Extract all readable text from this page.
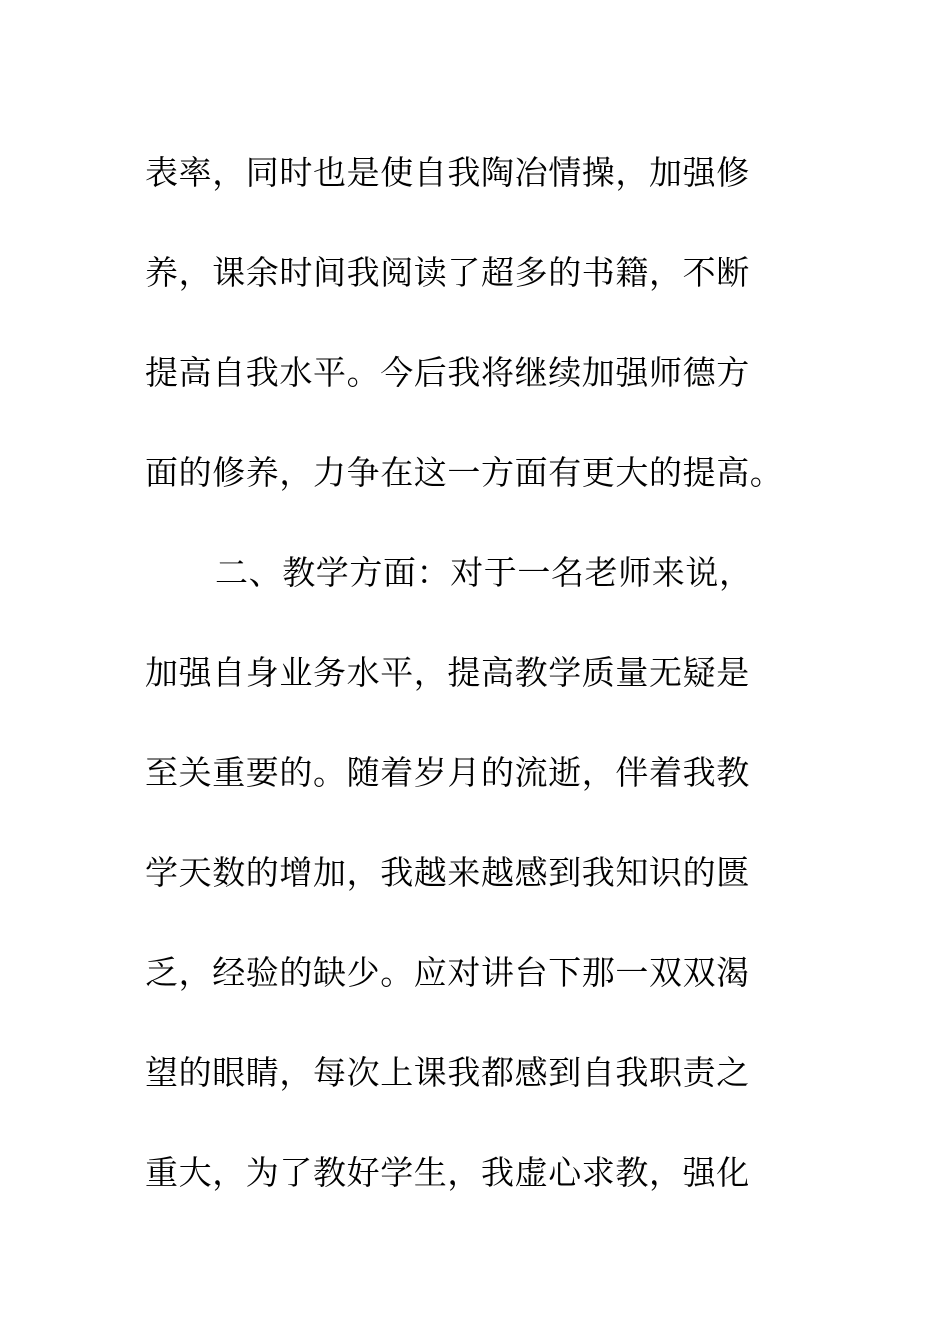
表率，同时也是使自我陶冶情操，加强修
养，课余时间我阅读了超多的书籍，不断
提高自我水平。今后我将继续加强师德方
面的修养，力争在这一方面有更大的提高。
二、教学方面：对于一名老师来说，
加强自身业务水平，提高教学质量无疑是
至关重要的。随着岁月的流逝，伴着我教
学天数的增加，我越来越感到我知识的匮
乏，经验的缺少。应对讲台下那一双双渴
望的眼睛，每次上课我都感到自我职责之
重大，为了教好学生，我虚心求教，强化
